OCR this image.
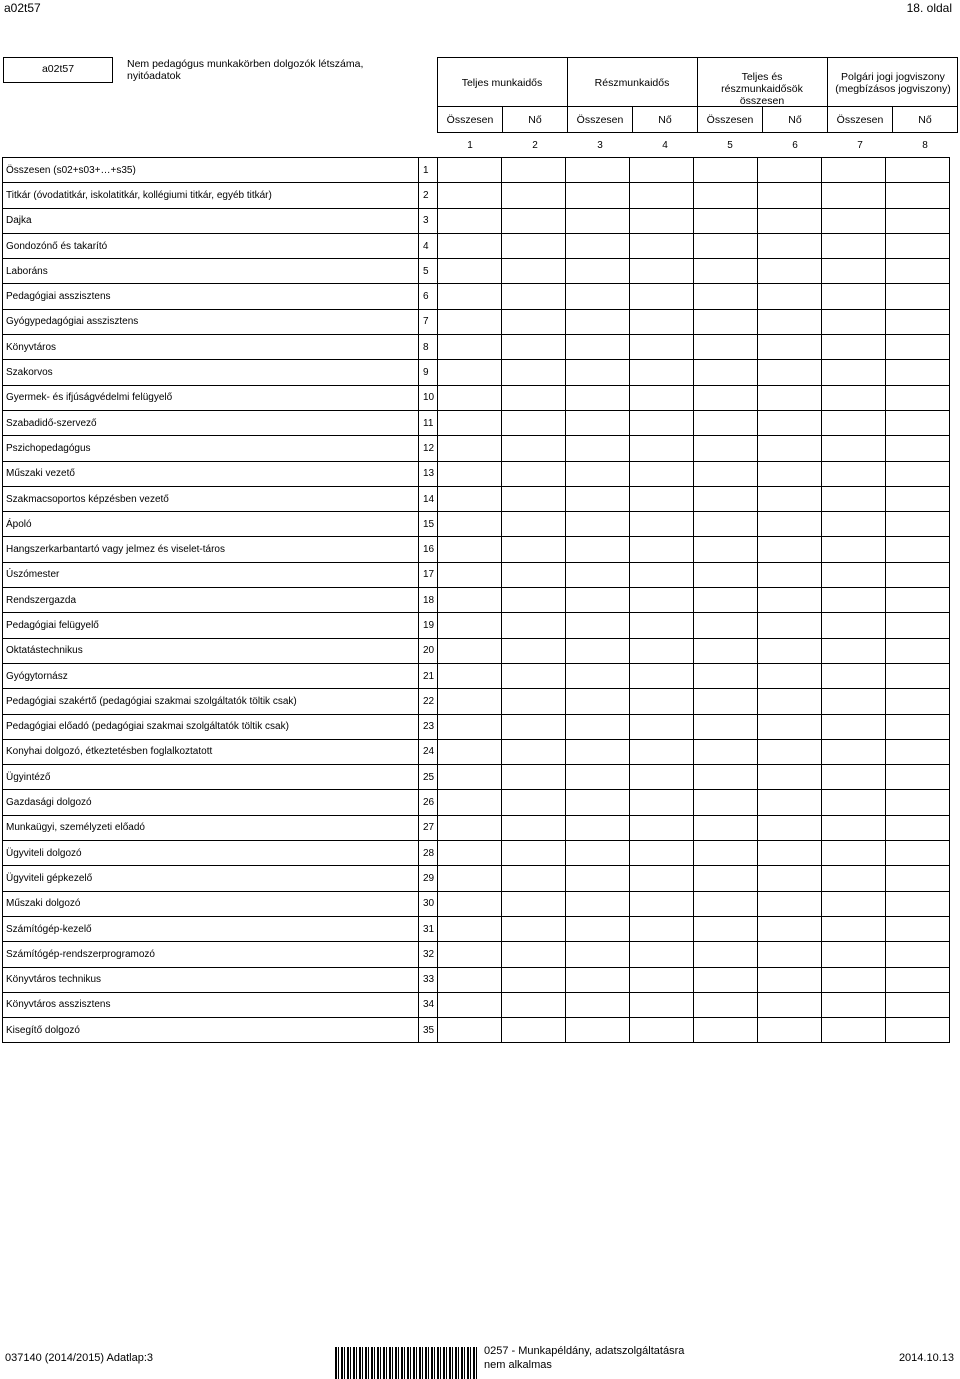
a02t57	18. oldal
a02t57	Nem pedagógus munkakörben dolgozók létszáma, nyitóadatok
Teljes munkaidős	Részmunkaidős	Teljes és részmunkaidősök összesen
Polgári jogi jogviszony (megbízásos jogviszony)
Összesen	Nő	Összesen	Nő	Összesen	Nő	Összesen	Nő
1	2	3	4	5	6	7	8
Összesen (s02+s03+…+s35)	1								
Titkár (óvodatitkár, iskolatitkár, kollégiumi titkár, egyéb titkár)	2								
Dajka	3								
Gondozónő és takarító	4								
Laboráns	5								
Pedagógiai asszisztens	6								
Gyógypedagógiai asszisztens	7								
Könyvtáros	8								
Szakorvos	9								
Gyermek- és ifjúságvédelmi felügyelő	10								
Szabadidő-szervező	11								
Pszichopedagógus	12								
Műszaki vezető	13								
Szakmacsoportos képzésben vezető	14								
Ápoló	15								
Hangszerkarbantartó vagy jelmez és viselet-táros	16								
Úszómester	17								
Rendszergazda	18								
Pedagógiai felügyelő	19								
Oktatástechnikus	20								
Gyógytornász	21								
Pedagógiai szakértő (pedagógiai szakmai szolgáltatók töltik csak)	22								
Pedagógiai előadó (pedagógiai szakmai szolgáltatók töltik csak)	23								
Konyhai dolgozó, étkeztetésben foglalkoztatott	24								
Ügyintéző	25								
Gazdasági dolgozó	26								
Munkaügyi, személyzeti előadó	27								
Ügyviteli dolgozó	28								
Ügyviteli gépkezelő	29								
Műszaki dolgozó	30								
Számítógép-kezelő	31								
Számítógép-rendszerprogramozó	32								
Könyvtáros technikus	33								
Könyvtáros asszisztens	34								
Kisegítő dolgozó	35								
037140 (2014/2015) Adatlap:3
0257 - Munkapéldány, adatszolgáltatásra
nem alkalmas
2014.10.13
